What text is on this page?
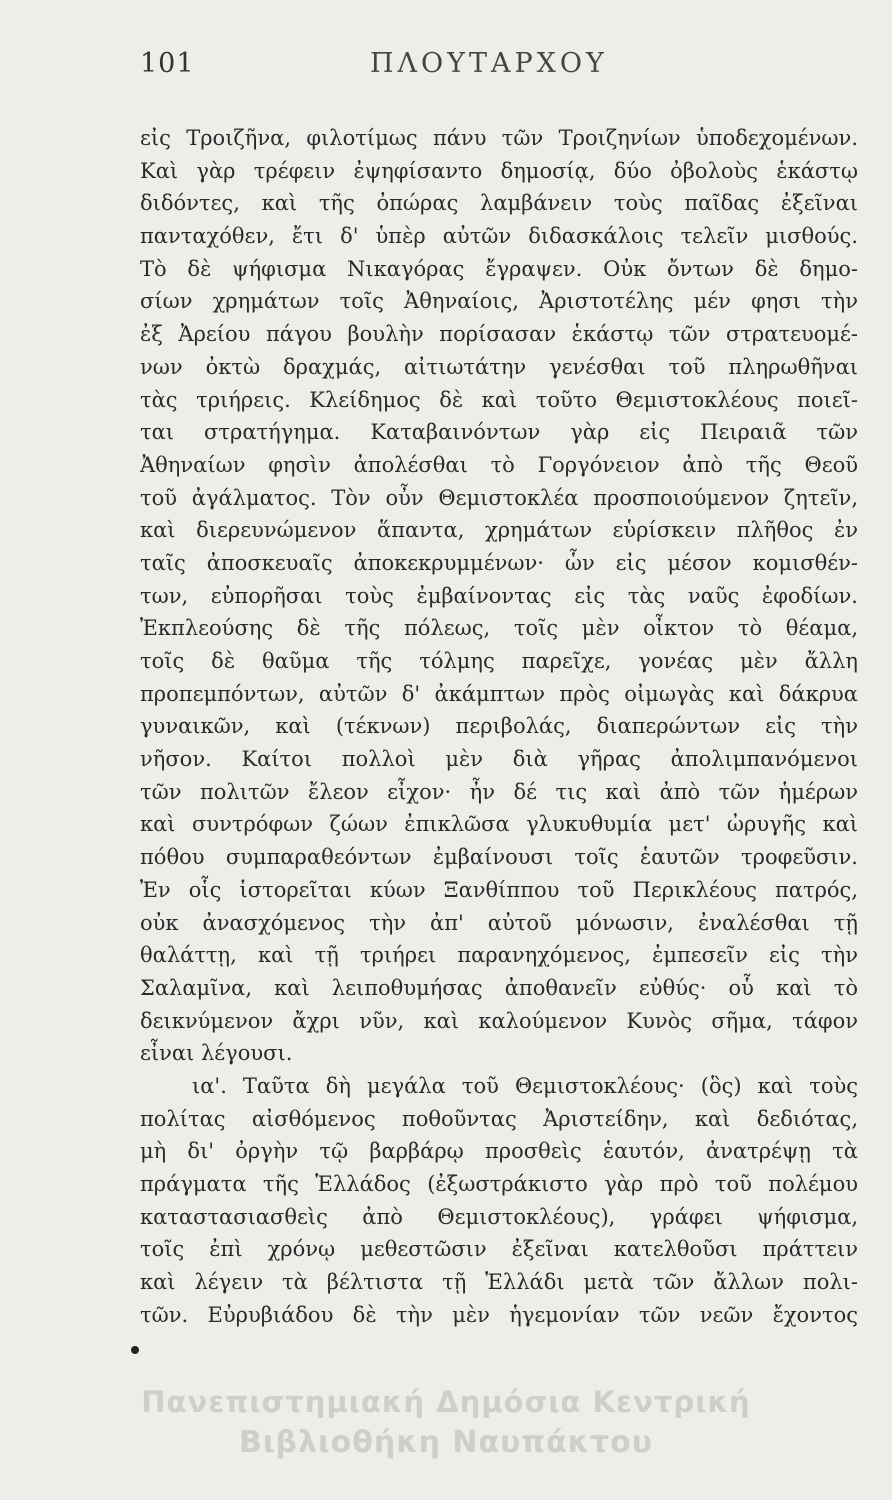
101	ΠΛΟΥΤΑΡΧΟΥ
εἰς Τροιζῆνα, φιλοτίμως πάνυ τῶν Τροιζηνίων ὑποδεχομένων.
Καὶ γὰρ τρέφειν ἐψηφίσαντο δημοσίᾳ, δύο ὀβολοὺς ἑκάστῳ
διδόντες, καὶ τῆς ὀπώρας λαμβάνειν τοὺς παῖδας ἐξεῖναι
πανταχόθεν, ἔτι δ' ὑπὲρ αὐτῶν διδασκάλοις τελεῖν μισθούς.
Τὸ δὲ ψήφισμα Νικαγόρας ἔγραψεν. Οὐκ ὄντων δὲ δημο-
σίων χρημάτων τοῖς Ἀθηναίοις, Ἀριστοτέλης μέν φησι τὴν
ἐξ Ἀρείου πάγου βουλὴν πορίσασαν ἑκάστῳ τῶν στρατευομέ-
νων ὀκτὼ δραχμάς, αἰτιωτάτην γενέσθαι τοῦ πληρωθῆναι
τὰς τριήρεις. Κλείδημος δὲ καὶ τοῦτο Θεμιστοκλέους ποιεῖ-
ται στρατήγημα. Καταβαινόντων γὰρ εἰς Πειραιᾶ τῶν
Ἀθηναίων φησὶν ἀπολέσθαι τὸ Γοργόνειον ἀπὸ τῆς Θεοῦ
τοῦ ἀγάλματος. Τὸν οὖν Θεμιστοκλέα προσποιούμενον ζητεῖν,
καὶ διερευνώμενον ἅπαντα, χρημάτων εὑρίσκειν πλῆθος ἐν
ταῖς ἀποσκευαῖς ἀποκεκρυμμένων· ὧν εἰς μέσον κομισθέν-
των, εὐπορῆσαι τοὺς ἐμβαίνοντας εἰς τὰς ναῦς ἐφοδίων.
Ἐκπλεούσης δὲ τῆς πόλεως, τοῖς μὲν οἶκτον τὸ θέαμα,
τοῖς δὲ θαῦμα τῆς τόλμης παρεῖχε, γονέας μὲν ἄλλη
προπεμπόντων, αὐτῶν δ' ἀκάμπτων πρὸς οἰμωγὰς καὶ δάκρυα
γυναικῶν, καὶ (τέκνων) περιβολάς, διαπερώντων εἰς τὴν
νῆσον. Καίτοι πολλοὶ μὲν διὰ γῆρας ἀπολιμπανόμενοι
τῶν πολιτῶν ἔλεον εἶχον· ἦν δέ τις καὶ ἀπὸ τῶν ἡμέρων
καὶ συντρόφων ζώων ἐπικλῶσα γλυκυθυμία μετ' ὠρυγῆς καὶ
πόθου συμπαραθεόντων ἐμβαίνουσι τοῖς ἑαυτῶν τροφεῦσιν.
Ἐν οἷς ἱστορεῖται κύων Ξανθίππου τοῦ Περικλέους πατρός,
οὐκ ἀνασχόμενος τὴν ἀπ' αὐτοῦ μόνωσιν, ἐναλέσθαι τῇ
θαλάττῃ, καὶ τῇ τριήρει παρανηχόμενος, ἐμπεσεῖν εἰς τὴν
Σαλαμῖνα, καὶ λειποθυμήσας ἀποθανεῖν εὐθύς· οὗ καὶ τὸ
δεικνύμενον ἄχρι νῦν, καὶ καλούμενον Κυνὸς σῆμα, τάφον
εἶναι λέγουσι.
ια'. Ταῦτα δὴ μεγάλα τοῦ Θεμιστοκλέους· (ὃς) καὶ τοὺς
πολίτας αἰσθόμενος ποθοῦντας Ἀριστείδην, καὶ δεδιότας,
μὴ δι' ὀργὴν τῷ βαρβάρῳ προσθεὶς ἑαυτόν, ἀνατρέψῃ τὰ
πράγματα τῆς Ἑλλάδος (ἐξωστράκιστο γὰρ πρὸ τοῦ πολέμου
καταστασιασθεὶς ἀπὸ Θεμιστοκλέους), γράφει ψήφισμα,
τοῖς ἐπὶ χρόνῳ μεθεστῶσιν ἐξεῖναι κατελθοῦσι πράττειν
καὶ λέγειν τὰ βέλτιστα τῇ Ἑλλάδι μετὰ τῶν ἄλλων πολι-
τῶν. Εὐρυβιάδου δὲ τὴν μὲν ἡγεμονίαν τῶν νεῶν ἔχοντος
Πανεπιστημιακή Δημόσια Κεντρική
Βιβλιοθήκη Ναυπάκτου
